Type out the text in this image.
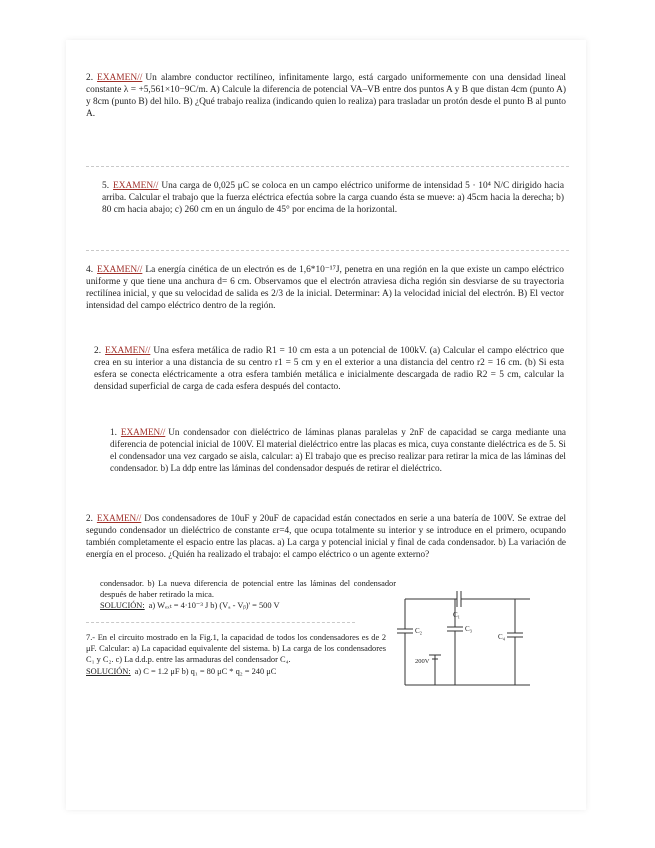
2. EXAMEN// Un alambre conductor rectilíneo, infinitamente largo, está cargado uniformemente con una densidad lineal constante λ = +5,561×10−9C/m. A) Calcule la diferencia de potencial VA–VB entre dos puntos A y B que distan 4cm (punto A) y 8cm (punto B) del hilo. B) ¿Qué trabajo realiza (indicando quien lo realiza) para trasladar un protón desde el punto B al punto A.
5. EXAMEN// Una carga de 0,025 μC se coloca en un campo eléctrico uniforme de intensidad 5 · 10⁴ N/C dirigido hacia arriba. Calcular el trabajo que la fuerza eléctrica efectúa sobre la carga cuando ésta se mueve: a) 45cm hacia la derecha; b) 80 cm hacia abajo; c) 260 cm en un ángulo de 45° por encima de la horizontal.
4. EXAMEN// La energía cinética de un electrón es de 1,6*10⁻¹⁷J, penetra en una región en la que existe un campo eléctrico uniforme y que tiene una anchura d= 6 cm. Observamos que el electrón atraviesa dicha región sin desviarse de su trayectoria rectilínea inicial, y que su velocidad de salida es 2/3 de la inicial. Determinar: A) la velocidad inicial del electrón. B) El vector intensidad del campo eléctrico dentro de la región.
2. EXAMEN// Una esfera metálica de radio R1 = 10 cm esta a un potencial de 100kV. (a) Calcular el campo eléctrico que crea en su interior a una distancia de su centro r1 = 5 cm y en el exterior a una distancia del centro r2 = 16 cm. (b) Si esta esfera se conecta eléctricamente a otra esfera también metálica e inicialmente descargada de radio R2 = 5 cm, calcular la densidad superficial de carga de cada esfera después del contacto.
1. EXAMEN// Un condensador con dieléctrico de láminas planas paralelas y 2nF de capacidad se carga mediante una diferencia de potencial inicial de 100V. El material dieléctrico entre las placas es mica, cuya constante dieléctrica es de 5. Si el condensador una vez cargado se aisla, calcular: a) El trabajo que es preciso realizar para retirar la mica de las láminas del condensador. b) La ddp entre las láminas del condensador después de retirar el dieléctrico.
2. EXAMEN// Dos condensadores de 10uF y 20uF de capacidad están conectados en serie a una batería de 100V. Se extrae del segundo condensador un dieléctrico de constante εr=4, que ocupa totalmente su interior y se introduce en el primero, ocupando también completamente el espacio entre las placas. a) La carga y potencial inicial y final de cada condensador. b) La variación de energía en el proceso. ¿Quién ha realizado el trabajo: el campo eléctrico o un agente externo?

condensador. b) La nueva diferencia de potencial entre las láminas del condensador después de haber retirado la mica.

SOLUCIÓN: a) Wₑₓₜ = 4·10⁻³ J b) (Vₐ - Vᵦ)' = 500 V

7.- En el circuito mostrado en la Fig.1, la capacidad de todos los condensadores es de 2 μF. Calcular: a) La capacidad equivalente del sistema. b) La carga de los condensadores C₁ y C₂. c) La d.d.p. entre las armaduras del condensador C₄.

SOLUCIÓN: a) C = 1.2 μF b) q₁ = 80 μC * q₂ = 240 μC

C₁
C₂	C₃
C₄
200V
